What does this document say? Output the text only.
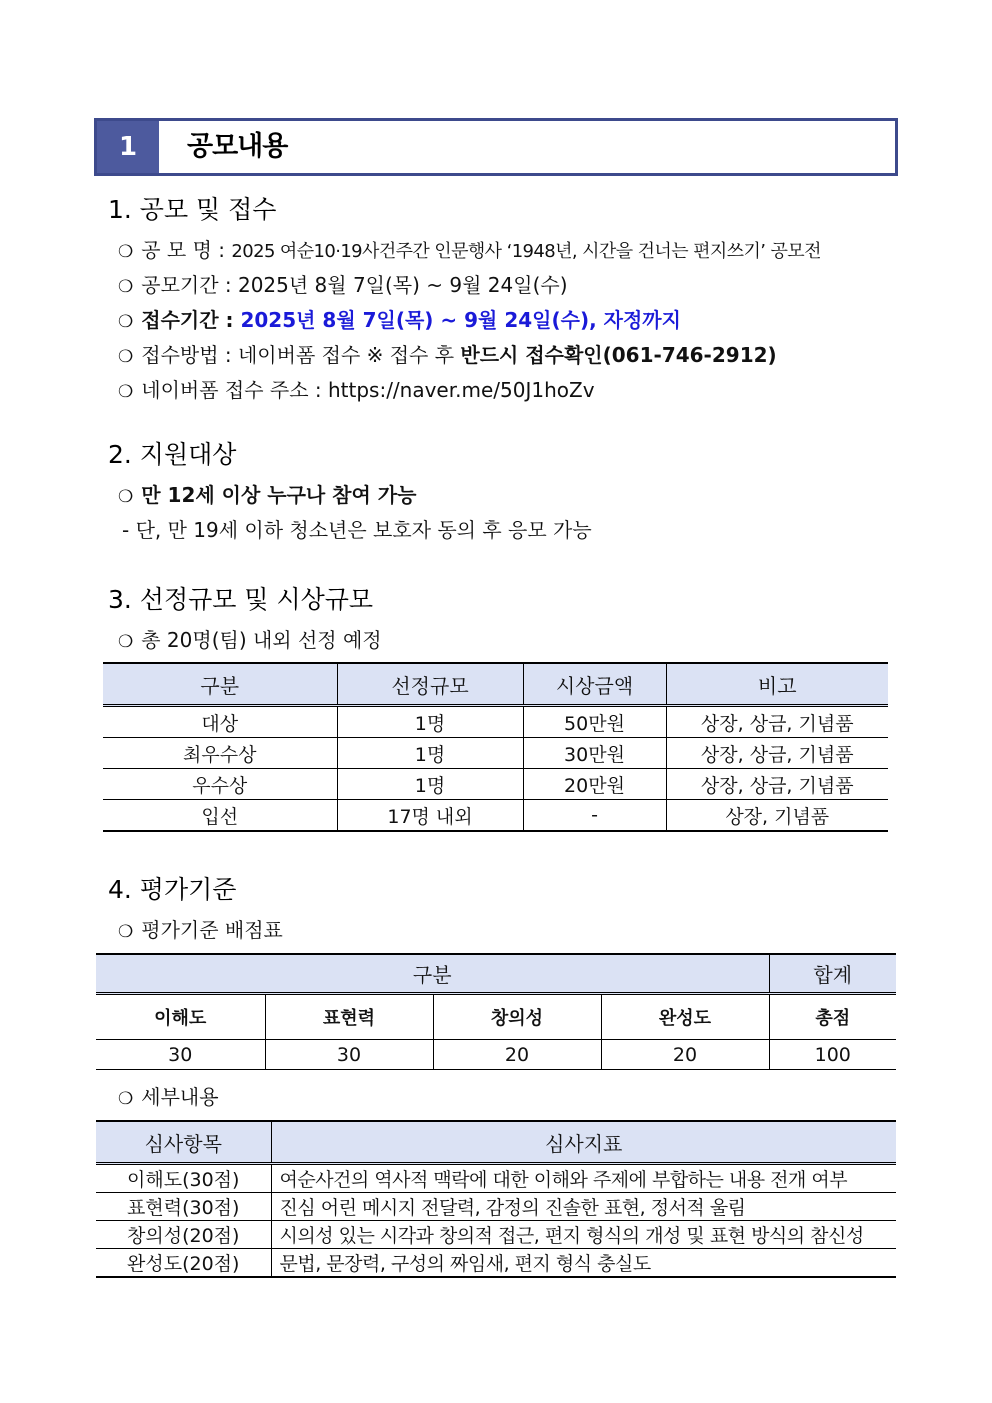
1	공모내용
1. 공모 및 접수
❍ 공 모 명 : 2025 여순10·19사건주간 인문행사 ‘1948년, 시간을 건너는 편지쓰기’ 공모전
❍ 공모기간 : 2025년 8월 7일(목) ~ 9월 24일(수)
❍ 접수기간 : 2025년 8월 7일(목) ~ 9월 24일(수), 자정까지
❍ 접수방법 : 네이버폼 접수 ※ 접수 후 반드시 접수확인(061-746-2912)
❍ 네이버폼 접수 주소 : https://naver.me/50J1hoZv
2. 지원대상
❍ 만 12세 이상 누구나 참여 가능
- 단, 만 19세 이하 청소년은 보호자 동의 후 응모 가능
3. 선정규모 및 시상규모
❍ 총 20명(팀) 내외 선정 예정
구분	선정규모	시상금액	비고
대상	1명	50만원	상장, 상금, 기념품
최우수상	1명	30만원	상장, 상금, 기념품
우수상	1명	20만원	상장, 상금, 기념품
입선	17명 내외	-	상장, 기념품
4. 평가기준
❍ 평가기준 배점표
구분				합계
이해도	표현력	창의성	완성도	총점
30	30	20	20	100
❍ 세부내용
심사항목	심사지표
이해도(30점)	여순사건의 역사적 맥락에 대한 이해와 주제에 부합하는 내용 전개 여부
표현력(30점)	진심 어린 메시지 전달력, 감정의 진솔한 표현, 정서적 울림
창의성(20점)	시의성 있는 시각과 창의적 접근, 편지 형식의 개성 및 표현 방식의 참신성
완성도(20점)	문법, 문장력, 구성의 짜임새, 편지 형식 충실도
